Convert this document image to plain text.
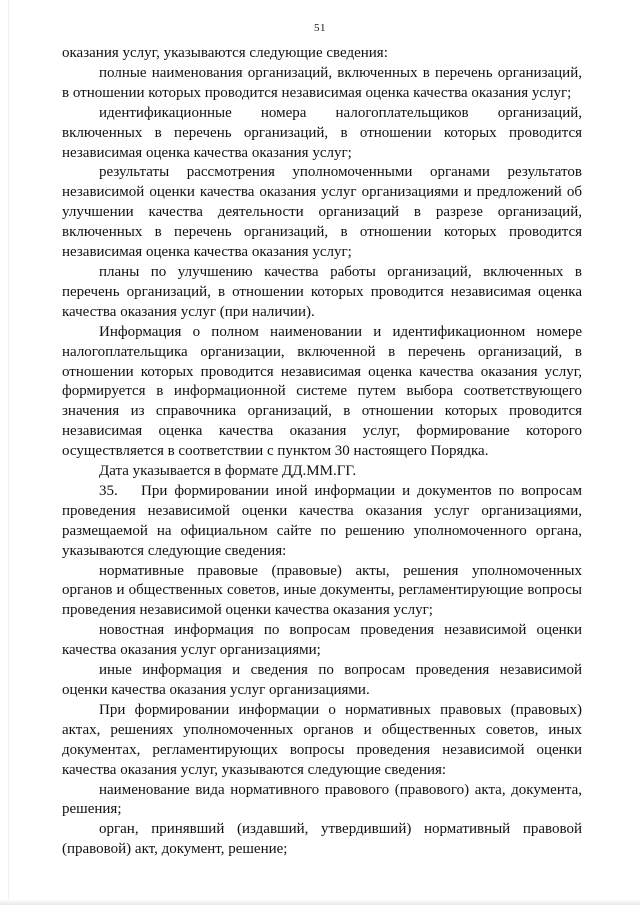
51

оказания услуг, указываются следующие сведения:

полные наименования организаций, включенных в перечень организаций, в отношении которых проводится независимая оценка качества оказания услуг;

идентификационные номера налогоплательщиков организаций, включенных в перечень организаций, в отношении которых проводится независимая оценка качества оказания услуг;

результаты рассмотрения уполномоченными органами результатов независимой оценки качества оказания услуг организациями и предложений об улучшении качества деятельности организаций в разрезе организаций, включенных в перечень организаций, в отношении которых проводится независимая оценка качества оказания услуг;

планы по улучшению качества работы организаций, включенных в перечень организаций, в отношении которых проводится независимая оценка качества оказания услуг (при наличии).

Информация о полном наименовании и идентификационном номере налогоплательщика организации, включенной в перечень организаций, в отношении которых проводится независимая оценка качества оказания услуг, формируется в информационной системе путем выбора соответствующего значения из справочника организаций, в отношении которых проводится независимая оценка качества оказания услуг, формирование которого осуществляется в соответствии с пунктом 30 настоящего Порядка.

Дата указывается в формате ДД.ММ.ГГ.

35. При формировании иной информации и документов по вопросам проведения независимой оценки качества оказания услуг организациями, размещаемой на официальном сайте по решению уполномоченного органа, указываются следующие сведения:

нормативные правовые (правовые) акты, решения уполномоченных органов и общественных советов, иные документы, регламентирующие вопросы проведения независимой оценки качества оказания услуг;

новостная информация по вопросам проведения независимой оценки качества оказания услуг организациями;

иные информация и сведения по вопросам проведения независимой оценки качества оказания услуг организациями.

При формировании информации о нормативных правовых (правовых) актах, решениях уполномоченных органов и общественных советов, иных документах, регламентирующих вопросы проведения независимой оценки качества оказания услуг, указываются следующие сведения:

наименование вида нормативного правового (правового) акта, документа, решения;

орган, принявший (издавший, утвердивший) нормативный правовой (правовой) акт, документ, решение;
